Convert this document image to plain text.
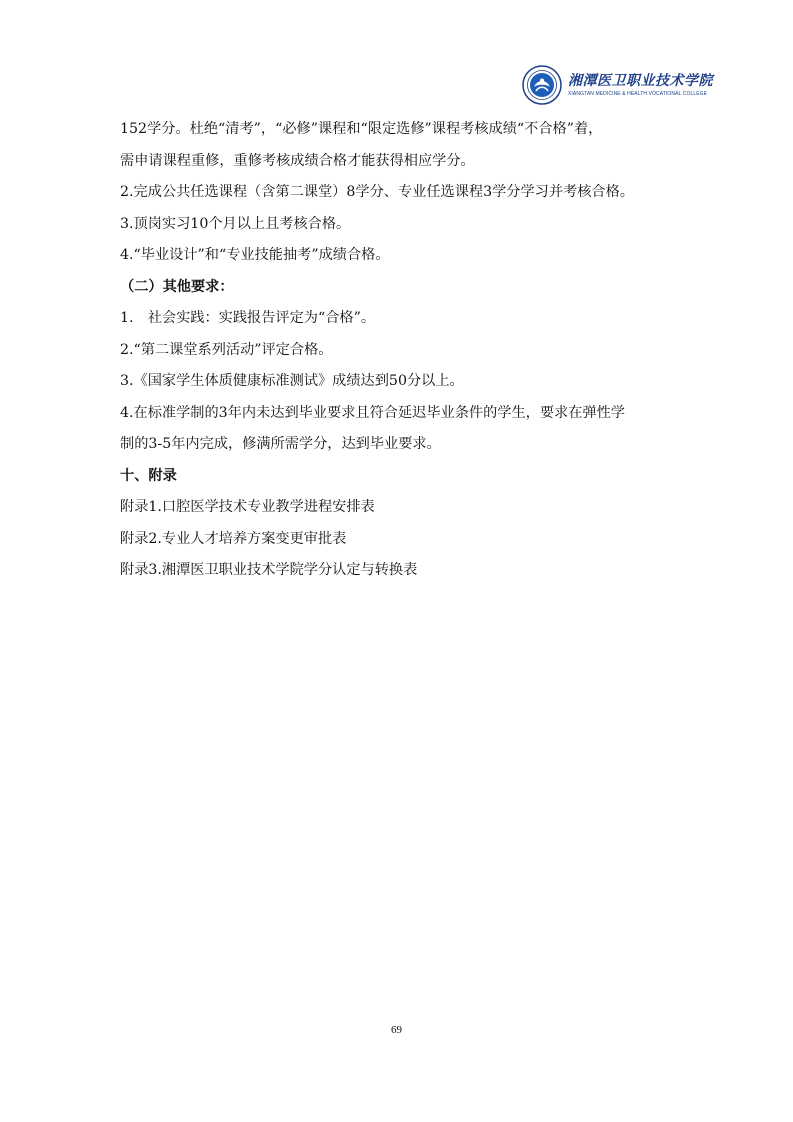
湘潭医卫职业技术学院
XIANGTAN MEDICINE & HEALTH VOCATIONAL COLLEGE

152学分。杜绝“清考”，“必修”课程和“限定选修”课程考核成绩“不合格”着，

需申请课程重修，重修考核成绩合格才能获得相应学分。

2.完成公共任选课程（含第二课堂）8学分、专业任选课程3学分学习并考核合格。

3.顶岗实习10个月以上且考核合格。

4.“毕业设计”和“专业技能抽考”成绩合格。

（二）其他要求：

1.　社会实践：实践报告评定为“合格”。

2.“第二课堂系列活动”评定合格。

3.《国家学生体质健康标准测试》成绩达到50分以上。

4.在标准学制的3年内未达到毕业要求且符合延迟毕业条件的学生，要求在弹性学

制的3-5年内完成，修满所需学分，达到毕业要求。

十、附录

附录1.口腔医学技术专业教学进程安排表

附录2.专业人才培养方案变更审批表

附录3.湘潭医卫职业技术学院学分认定与转换表

69
